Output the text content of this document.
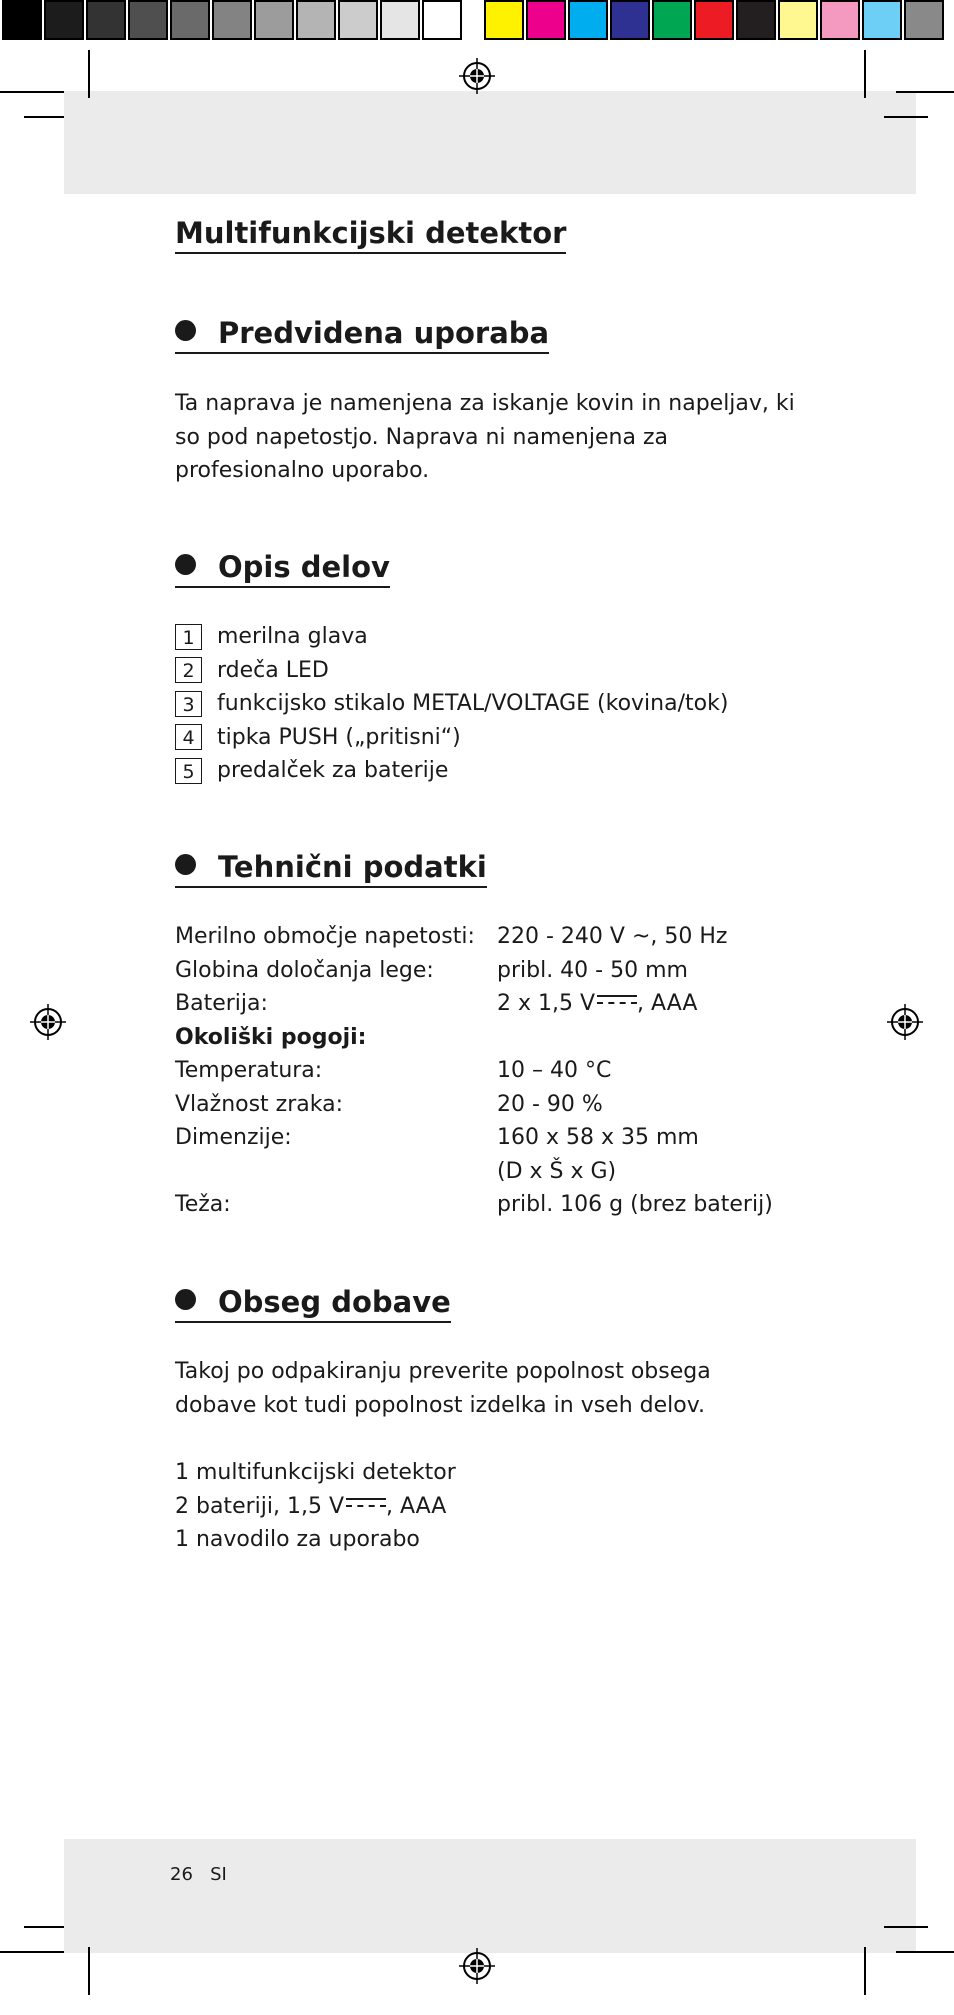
Multifunkcijski detektor
Predvidena uporaba

Ta naprava je namenjena za iskanje kovin in napeljav, ki so pod napetostjo. Naprava ni namenjena za profesionalno uporabo.

Opis delov
1	merilna glava
2	rdeča LED
3	funkcijsko stikalo METAL/VOLTAGE (kovina/tok)
4	tipka PUSH („pritisni“)
5	predalček za baterije
Tehnični podatki
Merilno območje napetosti:	220 - 240 V ~, 50 Hz
Globina določanja lege:	pribl. 40 - 50 mm
Baterija:	2 x 1,5 V , AAA
Okoliški pogoji:
Temperatura:	10 – 40 °C
Vlažnost zraka:	20 - 90 %
Dimenzije:	160 x 58 x 35 mm
(D x Š x G)
Teža:	pribl. 106 g (brez baterij)
Obseg dobave

Takoj po odpakiranju preverite popolnost obsega dobave kot tudi popolnost izdelka in vseh delov.

1 multifunkcijski detektor
2 bateriji, 1,5 V , AAA
1 navodilo za uporabo
26 SI
